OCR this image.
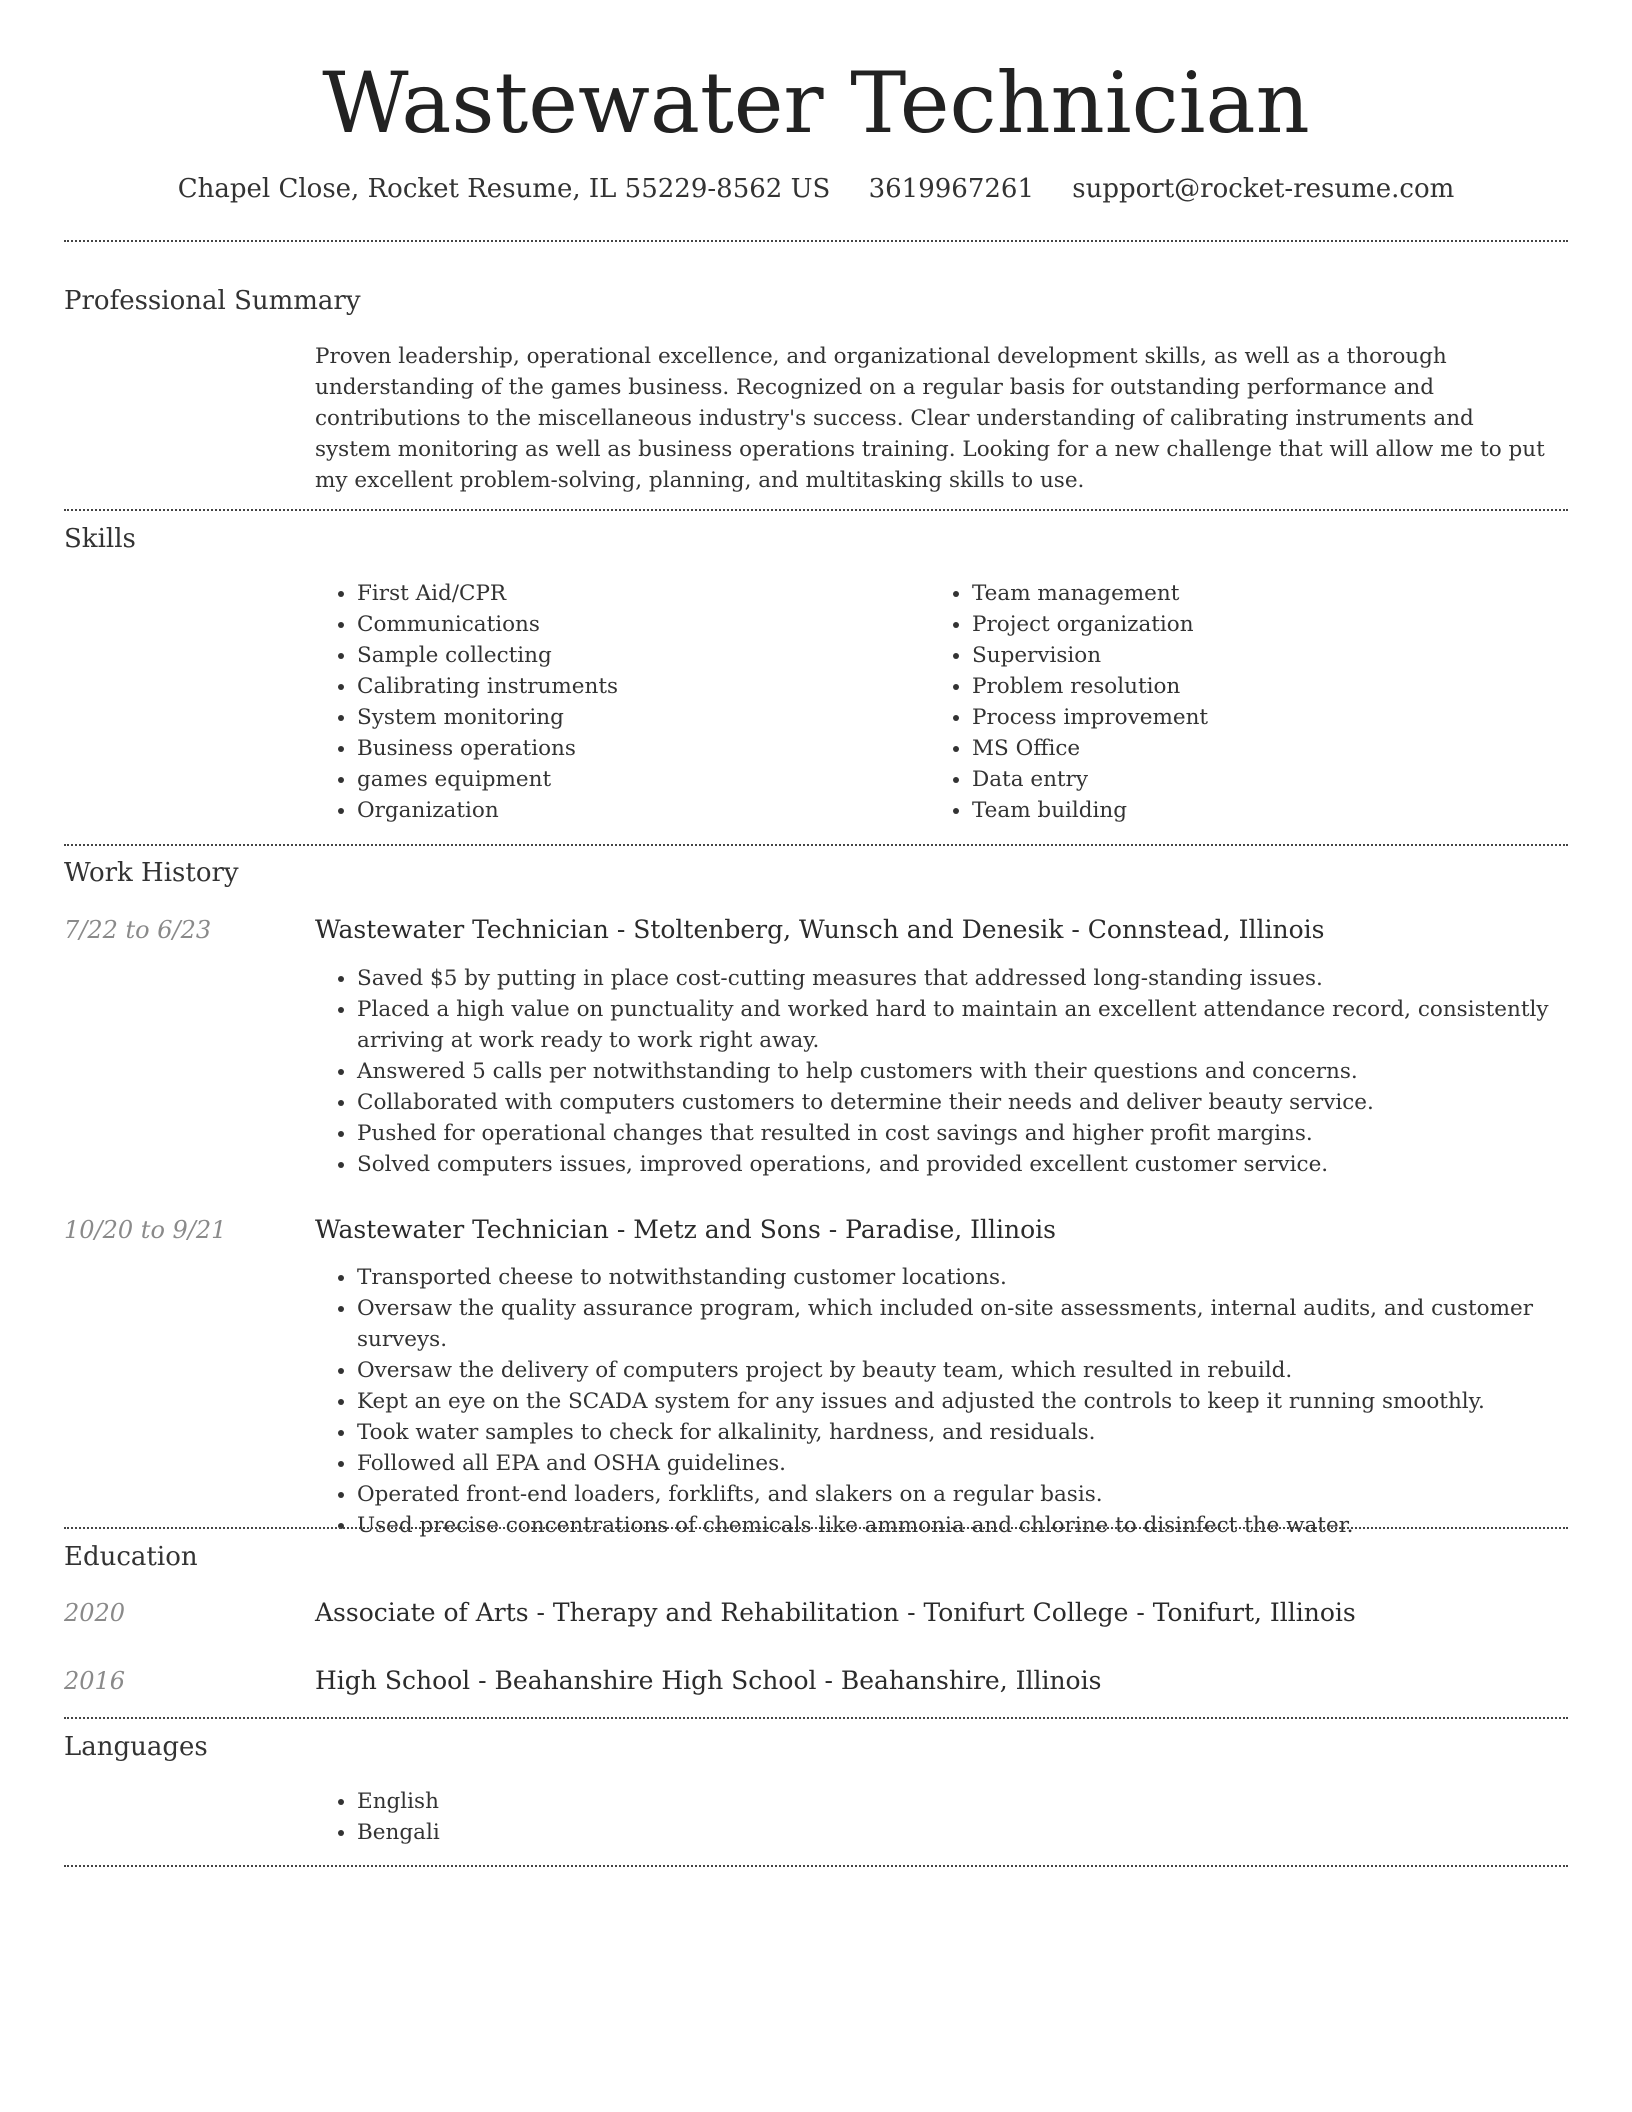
Wastewater Technician
Chapel Close, Rocket Resume, IL 55229-8562 US 3619967261 support@rocket-resume.com
Professional Summary

Proven leadership, operational excellence, and organizational development skills, as well as a thorough understanding of the games business. Recognized on a regular basis for outstanding performance and contributions to the miscellaneous industry's success. Clear understanding of calibrating instruments and system monitoring as well as business operations training. Looking for a new challenge that will allow me to put my excellent problem-solving, planning, and multitasking skills to use.

Skills
• First Aid/CPR
• Communications
• Sample collecting
• Calibrating instruments
• System monitoring
• Business operations
• games equipment
• Organization
• Team management
• Project organization
• Supervision
• Problem resolution
• Process improvement
• MS Office
• Data entry
• Team building
Work History
7/22 to 6/23	Wastewater Technician - Stoltenberg, Wunsch and Denesik - Connstead, Illinois
• Saved $5 by putting in place cost-cutting measures that addressed long-standing issues.
• Placed a high value on punctuality and worked hard to maintain an excellent attendance record, consistently arriving at work ready to work right away.
• Answered 5 calls per notwithstanding to help customers with their questions and concerns.
• Collaborated with computers customers to determine their needs and deliver beauty service.
• Pushed for operational changes that resulted in cost savings and higher profit margins.
• Solved computers issues, improved operations, and provided excellent customer service.
10/20 to 9/21	Wastewater Technician - Metz and Sons - Paradise, Illinois
• Transported cheese to notwithstanding customer locations.
• Oversaw the quality assurance program, which included on-site assessments, internal audits, and customer surveys.
• Oversaw the delivery of computers project by beauty team, which resulted in rebuild.
• Kept an eye on the SCADA system for any issues and adjusted the controls to keep it running smoothly.
• Took water samples to check for alkalinity, hardness, and residuals.
• Followed all EPA and OSHA guidelines.
• Operated front-end loaders, forklifts, and slakers on a regular basis.
• Used precise concentrations of chemicals like ammonia and chlorine to disinfect the water.
Education
2020	Associate of Arts - Therapy and Rehabilitation - Tonifurt College - Tonifurt, Illinois
2016	High School - Beahanshire High School - Beahanshire, Illinois
Languages
• English
• Bengali
